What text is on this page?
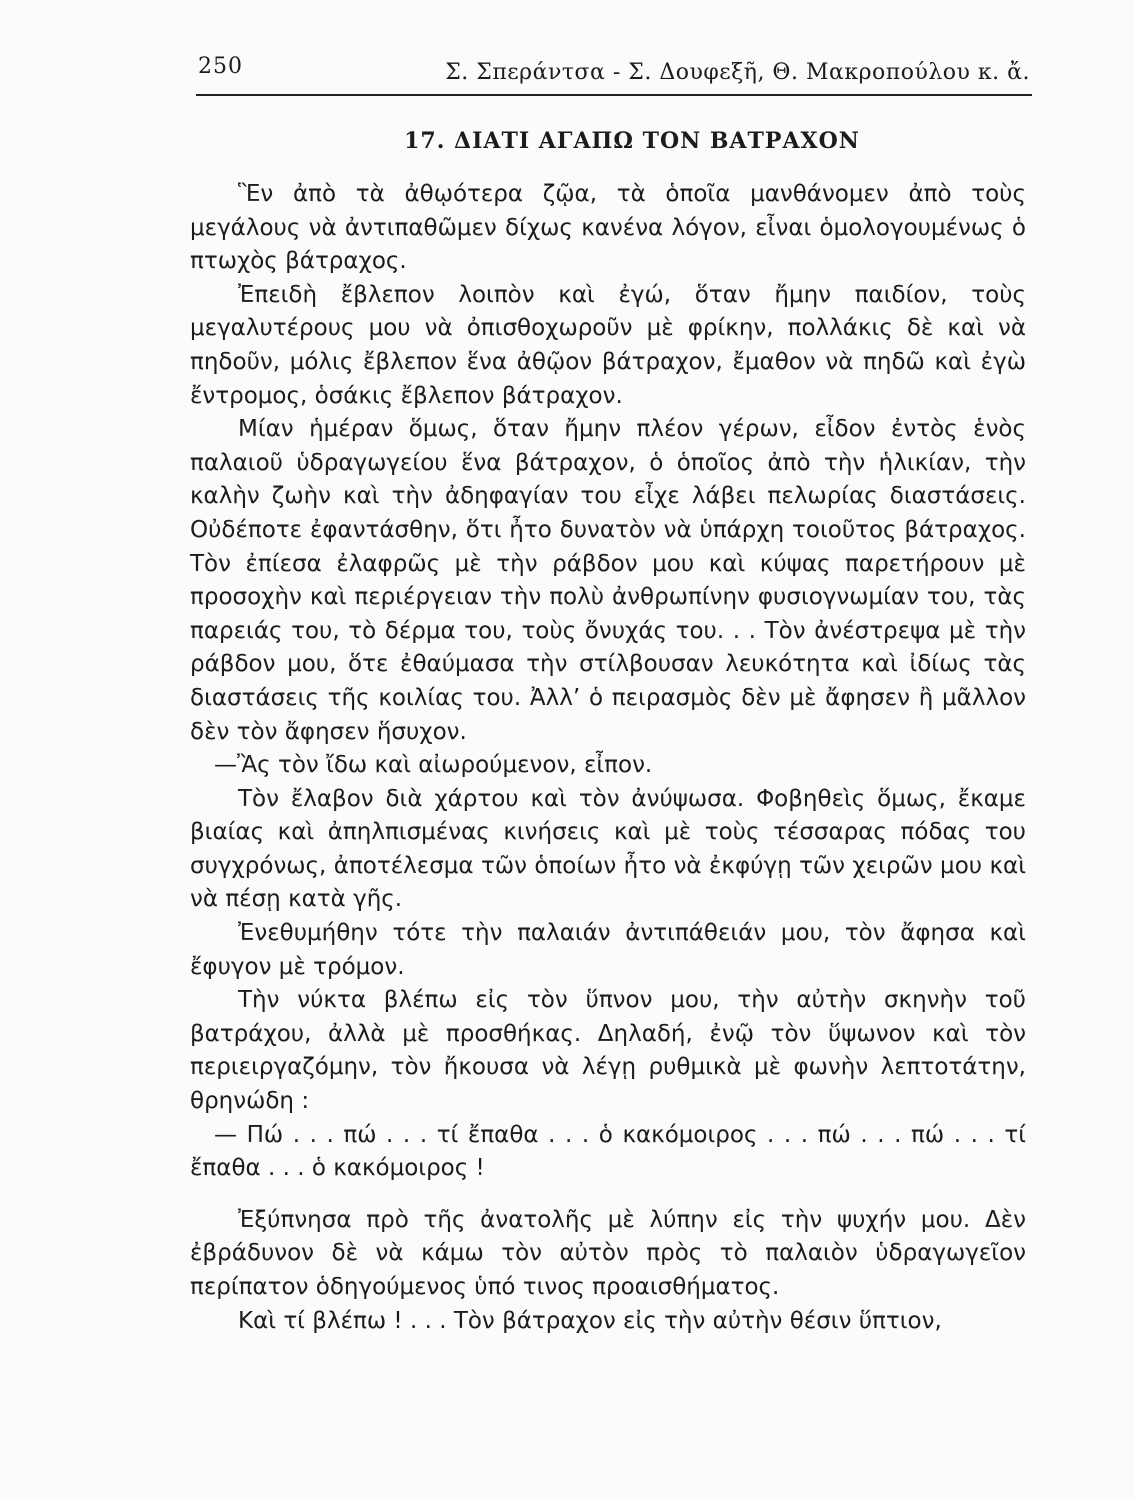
250	Σ. Σπεράντσα - Σ. Δουφεξῆ, Θ. Μακροπούλου κ. ἄ.
17. ΔΙΑΤΙ ΑΓΑΠΩ ΤΟΝ ΒΑΤΡΑΧΟΝ

Ἓν ἀπὸ τὰ ἀθῳότερα ζῷα, τὰ ὁποῖα μανθάνομεν ἀπὸ τοὺς μεγάλους νὰ ἀντιπαθῶμεν δίχως κανένα λόγον, εἶναι ὁμολογουμένως ὁ πτωχὸς βάτραχος.

Ἐπειδὴ ἔβλεπον λοιπὸν καὶ ἐγώ, ὅταν ἤμην παιδίον, τοὺς μεγαλυτέρους μου νὰ ὀπισθοχωροῦν μὲ φρίκην, πολλάκις δὲ καὶ νὰ πηδοῦν, μόλις ἔβλεπον ἕνα ἀθῷον βάτραχον, ἔμαθον νὰ πηδῶ καὶ ἐγὼ ἔντρομος, ὁσάκις ἔβλεπον βάτραχον.

Μίαν ἡμέραν ὅμως, ὅταν ἤμην πλέον γέρων, εἶδον ἐντὸς ἑνὸς παλαιοῦ ὑδραγωγείου ἕνα βάτραχον, ὁ ὁποῖος ἀπὸ τὴν ἡλικίαν, τὴν καλὴν ζωὴν καὶ τὴν ἀδηφαγίαν του εἶχε λάβει πελωρίας διαστάσεις. Οὐδέποτε ἐφαντάσθην, ὅτι ἦτο δυνατὸν νὰ ὑπάρχη τοιοῦτος βάτραχος. Τὸν ἐπίεσα ἐλαφρῶς μὲ τὴν ράβδον μου καὶ κύψας παρετήρουν μὲ προσοχὴν καὶ περιέργειαν τὴν πολὺ ἀνθρωπίνην φυσιογνωμίαν του, τὰς παρειάς του, τὸ δέρμα του, τοὺς ὄνυχάς του. . . Τὸν ἀνέστρεψα μὲ τὴν ράβδον μου, ὅτε ἐθαύμασα τὴν στίλβουσαν λευκότητα καὶ ἰδίως τὰς διαστάσεις τῆς κοιλίας του. Ἀλλ’ ὁ πειρασμὸς δὲν μὲ ἄφησεν ἢ μᾶλλον δὲν τὸν ἄφησεν ἥσυχον.

—Ἂς τὸν ἴδω καὶ αἰωρούμενον, εἶπον.

Τὸν ἔλαβον διὰ χάρτου καὶ τὸν ἀνύψωσα. Φοβηθεὶς ὅμως, ἔκαμε βιαίας καὶ ἀπηλπισμένας κινήσεις καὶ μὲ τοὺς τέσσαρας πόδας του συγχρόνως, ἀποτέλεσμα τῶν ὁποίων ἦτο νὰ ἐκφύγῃ τῶν χειρῶν μου καὶ νὰ πέσῃ κατὰ γῆς.

Ἐνεθυμήθην τότε τὴν παλαιάν ἀντιπάθειάν μου, τὸν ἄφησα καὶ ἔφυγον μὲ τρόμον.

Τὴν νύκτα βλέπω εἰς τὸν ὕπνον μου, τὴν αὐτὴν σκηνὴν τοῦ βατράχου, ἀλλὰ μὲ προσθήκας. Δηλαδή, ἐνῷ τὸν ὕψωνον καὶ τὸν περιειργαζόμην, τὸν ἤκουσα νὰ λέγῃ ρυθμικὰ μὲ φωνὴν λεπτοτάτην, θρηνώδη :

— Πώ . . . πώ . . . τί ἔπαθα . . . ὁ κακόμοιρος . . . πώ . . . πώ . . . τί ἔπαθα . . . ὁ κακόμοιρος !

Ἐξύπνησα πρὸ τῆς ἀνατολῆς μὲ λύπην εἰς τὴν ψυχήν μου. Δὲν ἐβράδυνον δὲ νὰ κάμω τὸν αὐτὸν πρὸς τὸ παλαιὸν ὑδραγωγεῖον περίπατον ὁδηγούμενος ὑπό τινος προαισθήματος.

Καὶ τί βλέπω ! . . . Τὸν βάτραχον εἰς τὴν αὐτὴν θέσιν ὕπτιον,
